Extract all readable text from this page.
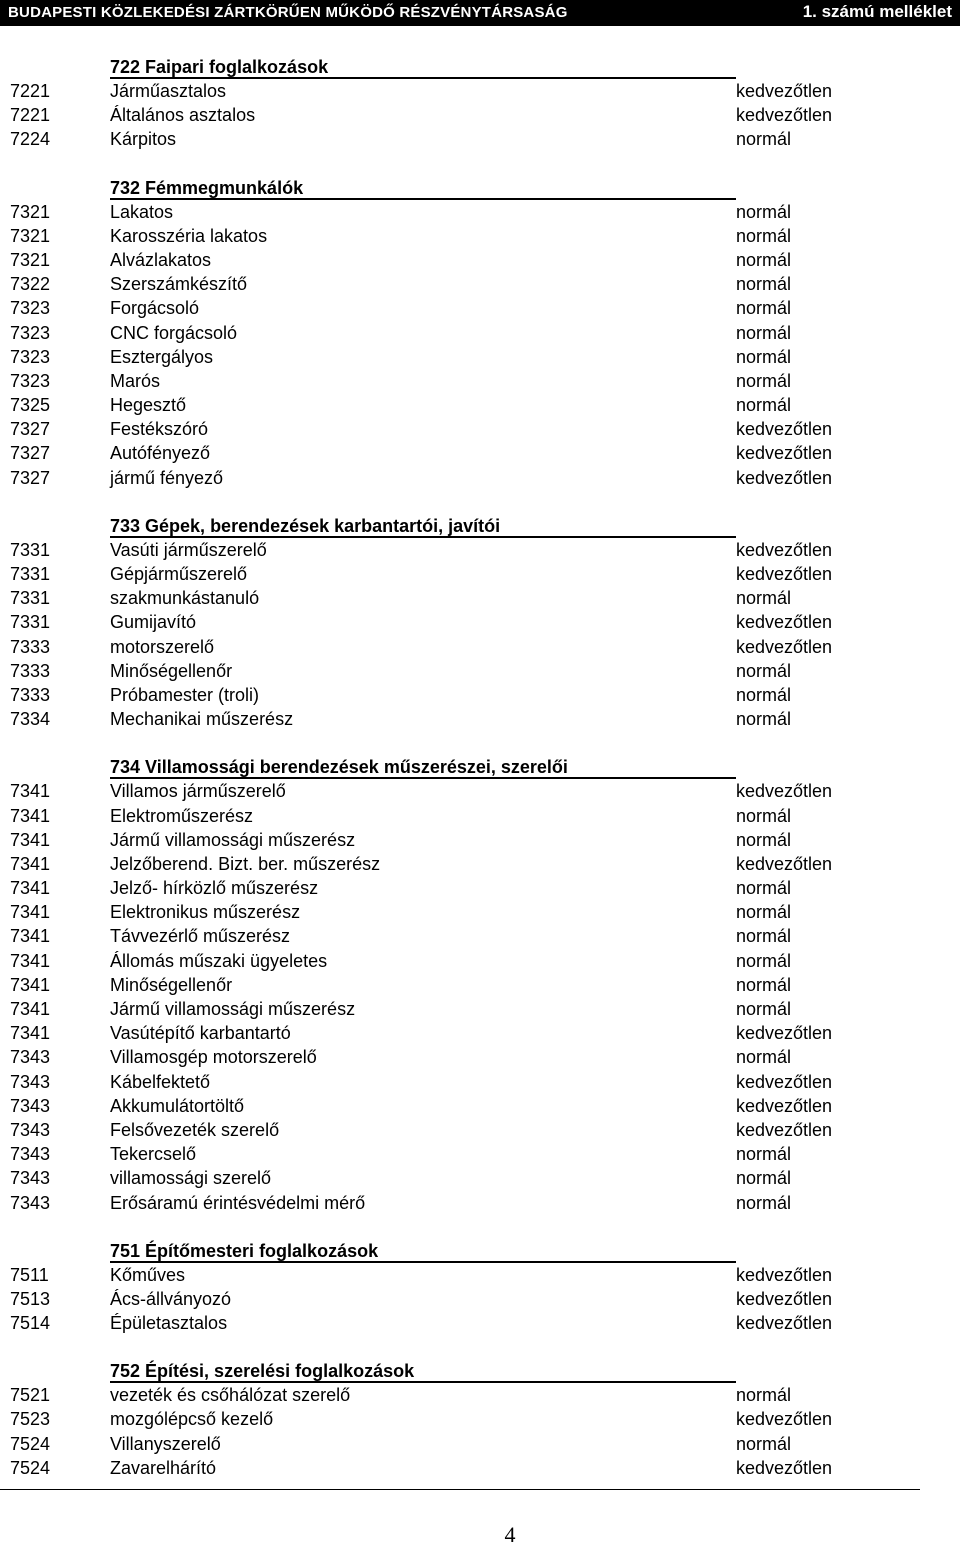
BUDAPESTI KÖZLEKEDÉSI ZÁRTKÖRŰEN MŰKÖDŐ RÉSZVÉNYTÁRSASÁG	1. számú melléklet
722 Faipari foglalkozások
7221	Járműasztalos	kedvezőtlen
7221	Általános asztalos	kedvezőtlen
7224	Kárpitos	normál
732 Fémmegmunkálók
7321	Lakatos	normál
7321	Karosszéria lakatos	normál
7321	Alvázlakatos	normál
7322	Szerszámkészítő	normál
7323	Forgácsoló	normál
7323	CNC forgácsoló	normál
7323	Esztergályos	normál
7323	Marós	normál
7325	Hegesztő	normál
7327	Festékszóró	kedvezőtlen
7327	Autófényező	kedvezőtlen
7327	jármű fényező	kedvezőtlen
733 Gépek, berendezések karbantartói, javítói
7331	Vasúti járműszerelő	kedvezőtlen
7331	Gépjárműszerelő	kedvezőtlen
7331	szakmunkástanuló	normál
7331	Gumijavító	kedvezőtlen
7333	motorszerelő	kedvezőtlen
7333	Minőségellenőr	normál
7333	Próbamester (troli)	normál
7334	Mechanikai műszerész	normál
734 Villamossági berendezések műszerészei, szerelői
7341	Villamos járműszerelő	kedvezőtlen
7341	Elektroműszerész	normál
7341	Jármű villamossági műszerész	normál
7341	Jelzőberend. Bizt. ber. műszerész	kedvezőtlen
7341	Jelző- hírközlő műszerész	normál
7341	Elektronikus műszerész	normál
7341	Távvezérlő műszerész	normál
7341	Állomás műszaki ügyeletes	normál
7341	Minőségellenőr	normál
7341	Jármű villamossági műszerész	normál
7341	Vasútépítő karbantartó	kedvezőtlen
7343	Villamosgép motorszerelő	normál
7343	Kábelfektető	kedvezőtlen
7343	Akkumulátortöltő	kedvezőtlen
7343	Felsővezeték szerelő	kedvezőtlen
7343	Tekercselő	normál
7343	villamossági szerelő	normál
7343	Erősáramú érintésvédelmi mérő	normál
751 Építőmesteri foglalkozások
7511	Kőműves	kedvezőtlen
7513	Ács-állványozó	kedvezőtlen
7514	Épületasztalos	kedvezőtlen
752 Építési, szerelési foglalkozások
7521	vezeték és csőhálózat szerelő	normál
7523	mozgólépcső kezelő	kedvezőtlen
7524	Villanyszerelő	normál
7524	Zavarelhárító	kedvezőtlen
4
